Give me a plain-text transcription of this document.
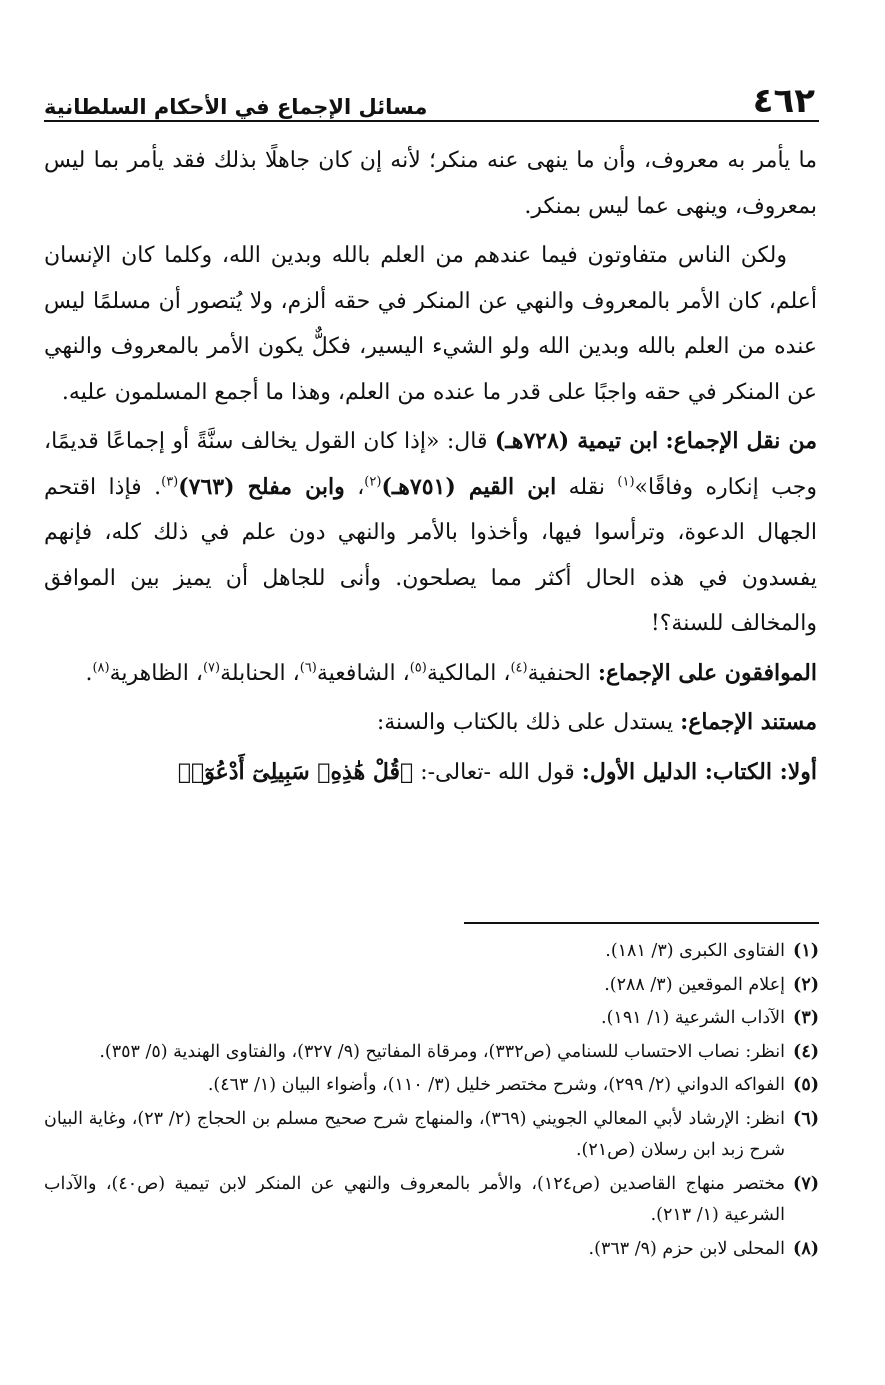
٤٦٢
مسائل الإجماع في الأحكام السلطانية

ما يأمر به معروف، وأن ما ينهى عنه منكر؛ لأنه إن كان جاهلًا بذلك فقد يأمر بما ليس بمعروف، وينهى عما ليس بمنكر.

ولكن الناس متفاوتون فيما عندهم من العلم بالله وبدين الله، وكلما كان الإنسان أعلم، كان الأمر بالمعروف والنهي عن المنكر في حقه ألزم، ولا يُتصور أن مسلمًا ليس عنده من العلم بالله وبدين الله ولو الشيء اليسير، فكلٌّ يكون الأمر بالمعروف والنهي عن المنكر في حقه واجبًا على قدر ما عنده من العلم، وهذا ما أجمع المسلمون عليه.

من نقل الإجماع: ابن تيمية (٧٢٨هـ) قال: «إذا كان القول يخالف سنَّةً أو إجماعًا قديمًا، وجب إنكاره وفاقًا»$^{(١)}$ نقله ابن القيم (٧٥١هـ)$^{(٢)}$، وابن مفلح (٧٦٣)$^{(٣)}$. فإذا اقتحم الجهال الدعوة، وترأسوا فيها، وأخذوا بالأمر والنهي دون علم في ذلك كله، فإنهم يفسدون في هذه الحال أكثر مما يصلحون. وأنى للجاهل أن يميز بين الموافق والمخالف للسنة؟!

الموافقون على الإجماع: الحنفية$^{(٤)}$، المالكية$^{(٥)}$، الشافعية$^{(٦)}$، الحنابلة$^{(٧)}$، الظاهرية$^{(٨)}$.

مستند الإجماع: يستدل على ذلك بالكتاب والسنة:

أولا: الكتاب: الدليل الأول: قول الله -تعالى-: ﴿قُلْ هَٰذِهِۦ سَبِيلِىٓ أَدْعُوٓا۟

(١)
الفتاوى الكبرى (٣/ ١٨١).
(٢)
إعلام الموقعين (٣/ ٢٨٨).
(٣)
الآداب الشرعية (١/ ١٩١).
(٤)
انظر: نصاب الاحتساب للسنامي (ص٣٣٢)، ومرقاة المفاتيح (٩/ ٣٢٧)، والفتاوى الهندية (٥/ ٣٥٣).
(٥)
الفواكه الدواني (٢/ ٢٩٩)، وشرح مختصر خليل (٣/ ١١٠)، وأضواء البيان (١/ ٤٦٣).
(٦)
انظر: الإرشاد لأبي المعالي الجويني (٣٦٩)، والمنهاج شرح صحيح مسلم بن الحجاج (٢/ ٢٣)، وغاية البيان شرح زبد ابن رسلان (ص٢١).
(٧)
مختصر منهاج القاصدين (ص١٢٤)، والأمر بالمعروف والنهي عن المنكر لابن تيمية (ص٤٠)، والآداب الشرعية (١/ ٢١٣).
(٨)
المحلى لابن حزم (٩/ ٣٦٣).
